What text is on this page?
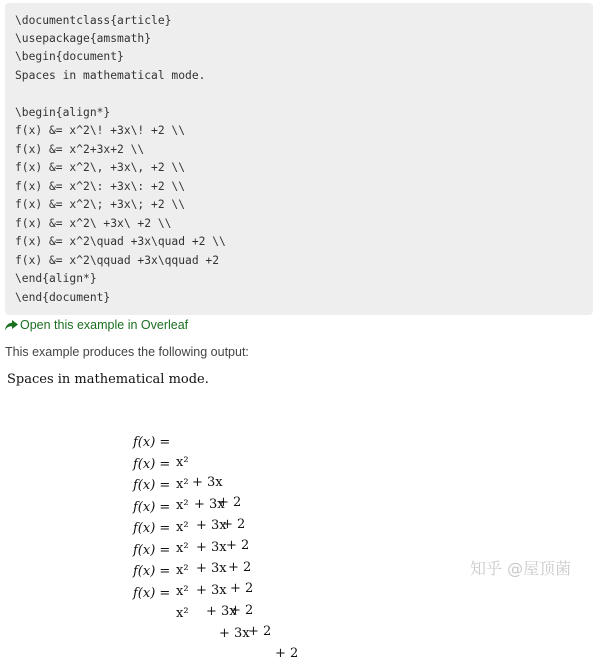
\documentclass{article}
\usepackage{amsmath}
\begin{document}
Spaces in mathematical mode.
\begin{align*}
f(x) &= x^2\! +3x\! +2 \\
f(x) &= x^2+3x+2 \\
f(x) &= x^2\, +3x\, +2 \\
f(x) &= x^2\: +3x\: +2 \\
f(x) &= x^2\; +3x\; +2 \\
f(x) &= x^2\ +3x\ +2 \\
f(x) &= x^2\quad +3x\quad +2 \\
f(x) &= x^2\qquad +3x\qquad +2
\end{align*}
\end{document}
Open this example in Overleaf
This example produces the following output:
Spaces in mathematical mode.

f(x) =

x²

+ 3x

+ 2

f(x) =

x²

+ 3x

+ 2

f(x) =

x²

+ 3x

+ 2

f(x) =

x²

+ 3x

+ 2

f(x) =

x²

+ 3x

+ 2

f(x) =

x²

+ 3x

+ 2

f(x) =

x²

+ 3x

+ 2

f(x) =

x²

+ 3x

+ 2

知乎 @屋顶菌
